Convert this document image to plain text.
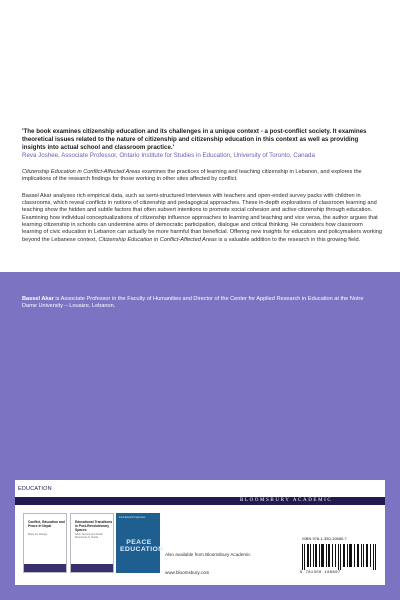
'The book examines citizenship education and its challenges in a unique context - a post-conflict society. It examines theoretical issues related to the nature of citizenship and citizenship education in this context as well as providing insights into actual school and classroom practice.'
Reva Joshee, Associate Professor, Ontario Institute for Studies in Education, University of Toronto, Canada
Citizenship Education in Conflict-Affected Areas examines the practices of learning and teaching citizenship in Lebanon, and explores the implications of the research findings for those working in other sites affected by conflict.
Bassel Akar analyses rich empirical data, such as semi-structured interviews with teachers and open-ended survey packs with children in classrooms, which reveal conflicts in notions of citizenship and pedagogical approaches. These in-depth explorations of classroom learning and teaching show the hidden and subtle factors that often subvert intentions to promote social cohesion and active citizenship through education. Examining how individual conceptualizations of citizenship influence approaches to learning and teaching and vice versa, the author argues that learning citizenship in schools can undermine aims of democratic participation, dialogue and critical thinking. He considers how classroom learning of civic education in Lebanon can actually be more harmful than beneficial. Offering new insights for educators and policymakers working beyond the Lebanese context, Citizenship Education in Conflict-Affected Areas is a valuable addition to the research in this growing field.
Bassel Akar is Associate Professor in the Faculty of Humanities and Director of the Center for Applied Research in Education at the Notre Dame University – Louaize, Lebanon.
EDUCATION
BLOOMSBURY ACADEMIC
Conflict, Education and Peace in Nepal
Being the Change
Educational Transitions in Post-Revolutionary Spaces
Islam, Security and Social Movements in Tunisia
International Perspectives
PEACE EDUCATION
Also available from Bloomsbury Academic
www.bloomsbury.com
ISBN 978-1-350-10680-7
9 781350 106807
